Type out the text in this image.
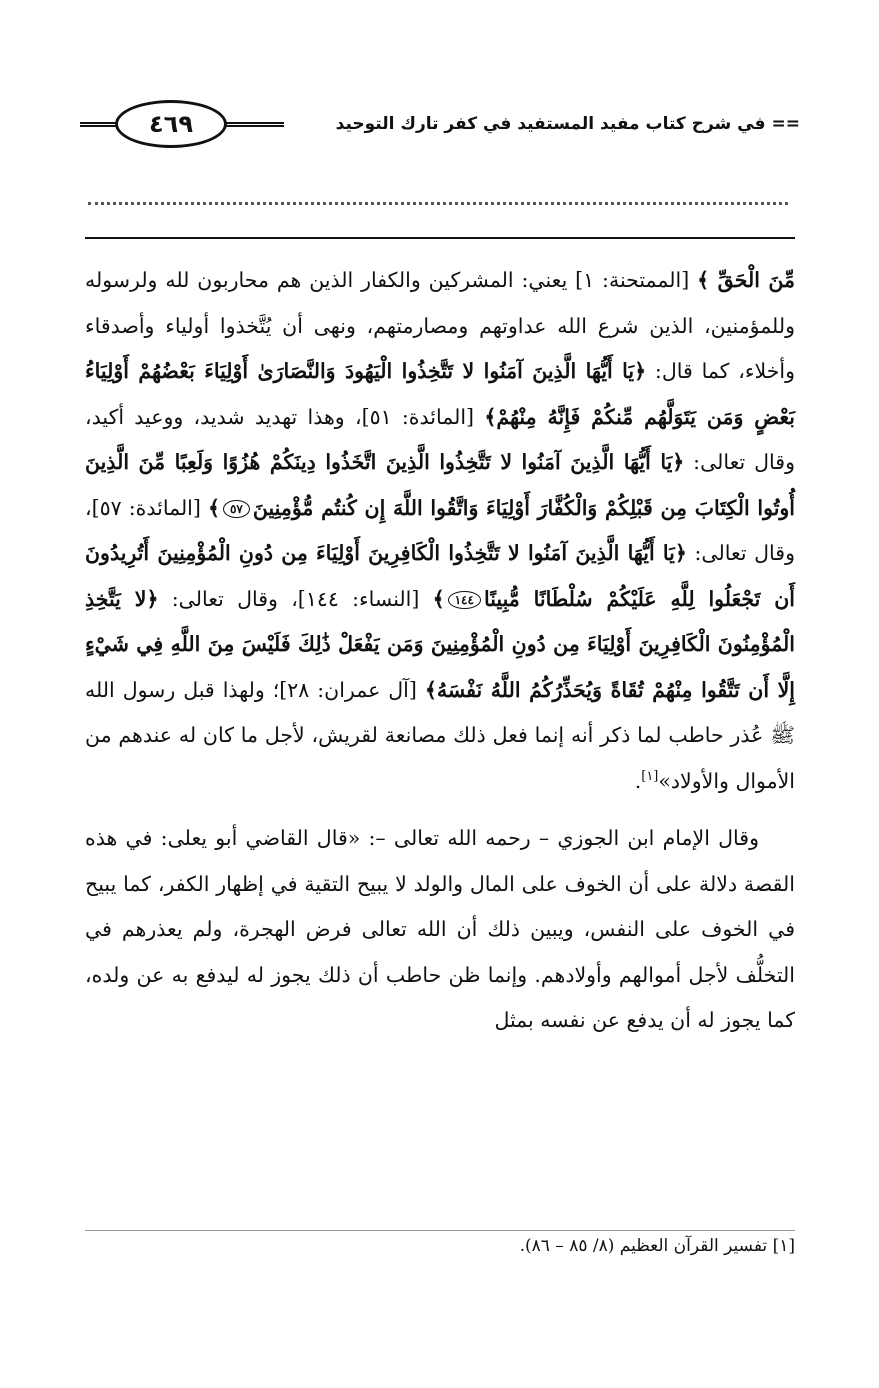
==في شرح كتاب مفيد المستفيد في كفر تارك التوحيد
٤٦٩

مِّنَ الْحَقِّ ﴾ [الممتحنة: ١] يعني: المشركين والكفار الذين هم محاربون لله ولرسوله وللمؤمنين، الذين شرع الله عداوتهم ومصارمتهم، ونهى أن يُتَّخذوا أولياء وأصدقاء وأخلاء، كما قال: ﴿يَا أَيُّهَا الَّذِينَ آمَنُوا لا تَتَّخِذُوا الْيَهُودَ وَالنَّصَارَىٰ أَوْلِيَاءَ بَعْضُهُمْ أَوْلِيَاءُ بَعْضٍ وَمَن يَتَوَلَّهُم مِّنكُمْ فَإِنَّهُ مِنْهُمْ﴾ [المائدة: ٥١]، وهذا تهديد شديد، ووعيد أكيد، وقال تعالى: ﴿يَا أَيُّهَا الَّذِينَ آمَنُوا لا تَتَّخِذُوا الَّذِينَ اتَّخَذُوا دِينَكُمْ هُزُوًا وَلَعِبًا مِّنَ الَّذِينَ أُوتُوا الْكِتَابَ مِن قَبْلِكُمْ وَالْكُفَّارَ أَوْلِيَاءَ وَاتَّقُوا اللَّهَ إِن كُنتُم مُّؤْمِنِينَ٥٧﴾ [المائدة: ٥٧]، وقال تعالى: ﴿يَا أَيُّهَا الَّذِينَ آمَنُوا لا تَتَّخِذُوا الْكَافِرِينَ أَوْلِيَاءَ مِن دُونِ الْمُؤْمِنِينَ أَتُرِيدُونَ أَن تَجْعَلُوا لِلَّهِ عَلَيْكُمْ سُلْطَانًا مُّبِينًا١٤٤﴾ [النساء: ١٤٤]، وقال تعالى: ﴿لا يَتَّخِذِ الْمُؤْمِنُونَ الْكَافِرِينَ أَوْلِيَاءَ مِن دُونِ الْمُؤْمِنِينَ وَمَن يَفْعَلْ ذَٰلِكَ فَلَيْسَ مِنَ اللَّهِ فِي شَيْءٍ إِلَّا أَن تَتَّقُوا مِنْهُمْ تُقَاةً وَيُحَذِّرُكُمُ اللَّهُ نَفْسَهُ﴾ [آل عمران: ٢٨]؛ ولهذا قبل رسول الله ﷺ عُذر حاطب لما ذكر أنه إنما فعل ذلك مصانعة لقريش، لأجل ما كان له عندهم من الأموال والأولاد»[١].

وقال الإمام ابن الجوزي – رحمه الله تعالى –: «قال القاضي أبو يعلى: في هذه القصة دلالة على أن الخوف على المال والولد لا يبيح التقية في إظهار الكفر، كما يبيح في الخوف على النفس، ويبين ذلك أن الله تعالى فرض الهجرة، ولم يعذرهم في التخلُّف لأجل أموالهم وأولادهم. وإنما ظن حاطب أن ذلك يجوز له ليدفع به عن ولده، كما يجوز له أن يدفع عن نفسه بمثل

[١] تفسير القرآن العظيم (٨/ ٨٥ – ٨٦).
